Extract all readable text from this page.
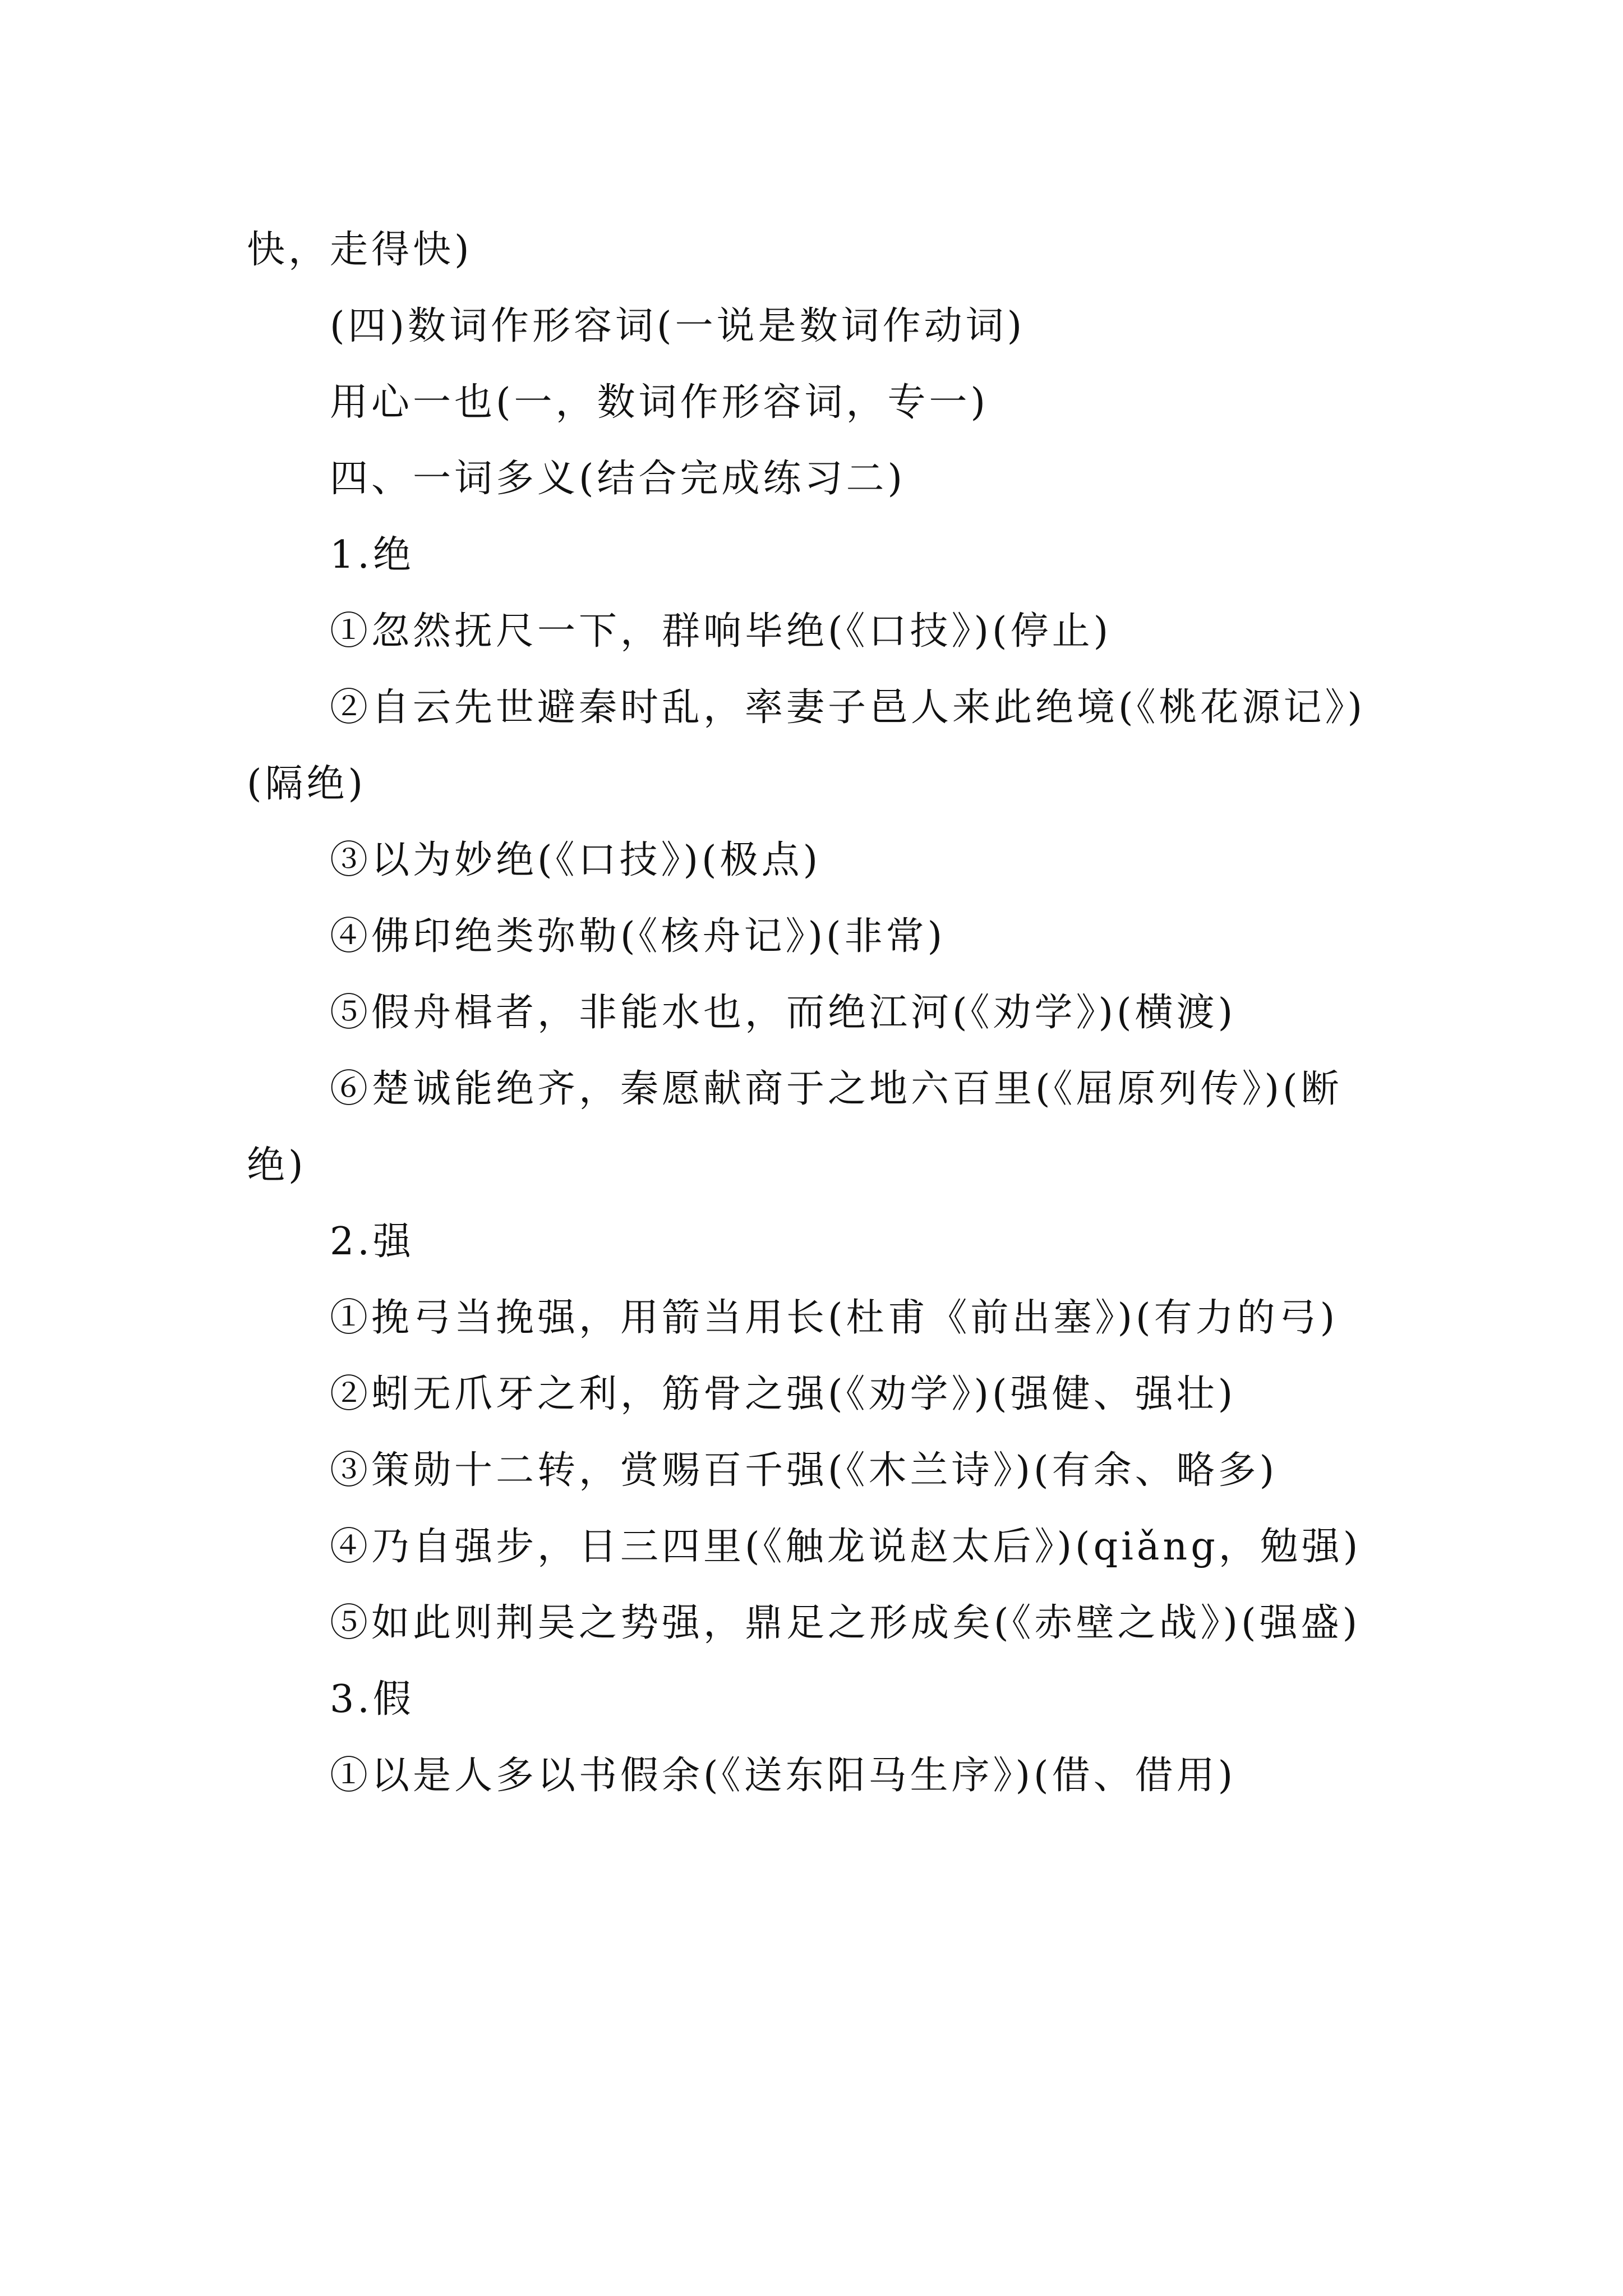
快，走得快)

(四)数词作形容词(一说是数词作动词)

用心一也(一，数词作形容词，专一)

四、一词多义(结合完成练习二)

1.绝

①忽然抚尺一下，群响毕绝(《口技》)(停止)

②自云先世避秦时乱，率妻子邑人来此绝境(《桃花源记》)(隔绝)

③以为妙绝(《口技》)(极点)

④佛印绝类弥勒(《核舟记》)(非常)

⑤假舟楫者，非能水也，而绝江河(《劝学》)(横渡)

⑥楚诚能绝齐，秦愿献商于之地六百里(《屈原列传》)(断绝)

2.强

①挽弓当挽强，用箭当用长(杜甫《前出塞》)(有力的弓)

②蚓无爪牙之利，筋骨之强(《劝学》)(强健、强壮)

③策勋十二转，赏赐百千强(《木兰诗》)(有余、略多)

④乃自强步，日三四里(《触龙说赵太后》)(qiǎng，勉强)

⑤如此则荆吴之势强，鼎足之形成矣(《赤壁之战》)(强盛)

3.假

①以是人多以书假余(《送东阳马生序》)(借、借用)
